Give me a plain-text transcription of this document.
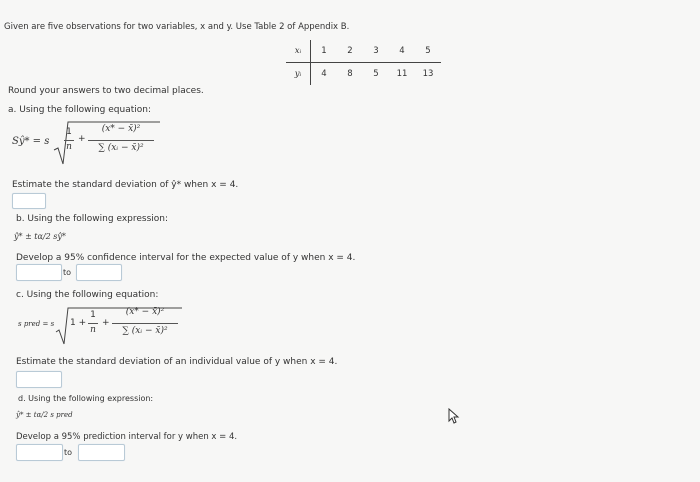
Given are five observations for two variables, x and y. Use Table 2 of Appendix B.
xᵢ	1	2	3	4	5
yᵢ	4	8	5	11	13
Round your answers to two decimal places.
a. Using the following equation:
Sŷ* = s
1
n
+
(x* − x̄)²
∑ (xᵢ − x̄)²
Estimate the standard deviation of ŷ* when x = 4.
b. Using the following expression:
ŷ* ± tα/2 sŷ*
Develop a 95% confidence interval for the expected value of y when x = 4.
to
c. Using the following equation:
s pred = s 1 +
1
n
+
(x* − x̄)²
∑ (xᵢ − x̄)²
Estimate the standard deviation of an individual value of y when x = 4.
d. Using the following expression:
ŷ* ± tα/2 s pred
Develop a 95% prediction interval for y when x = 4.
to
